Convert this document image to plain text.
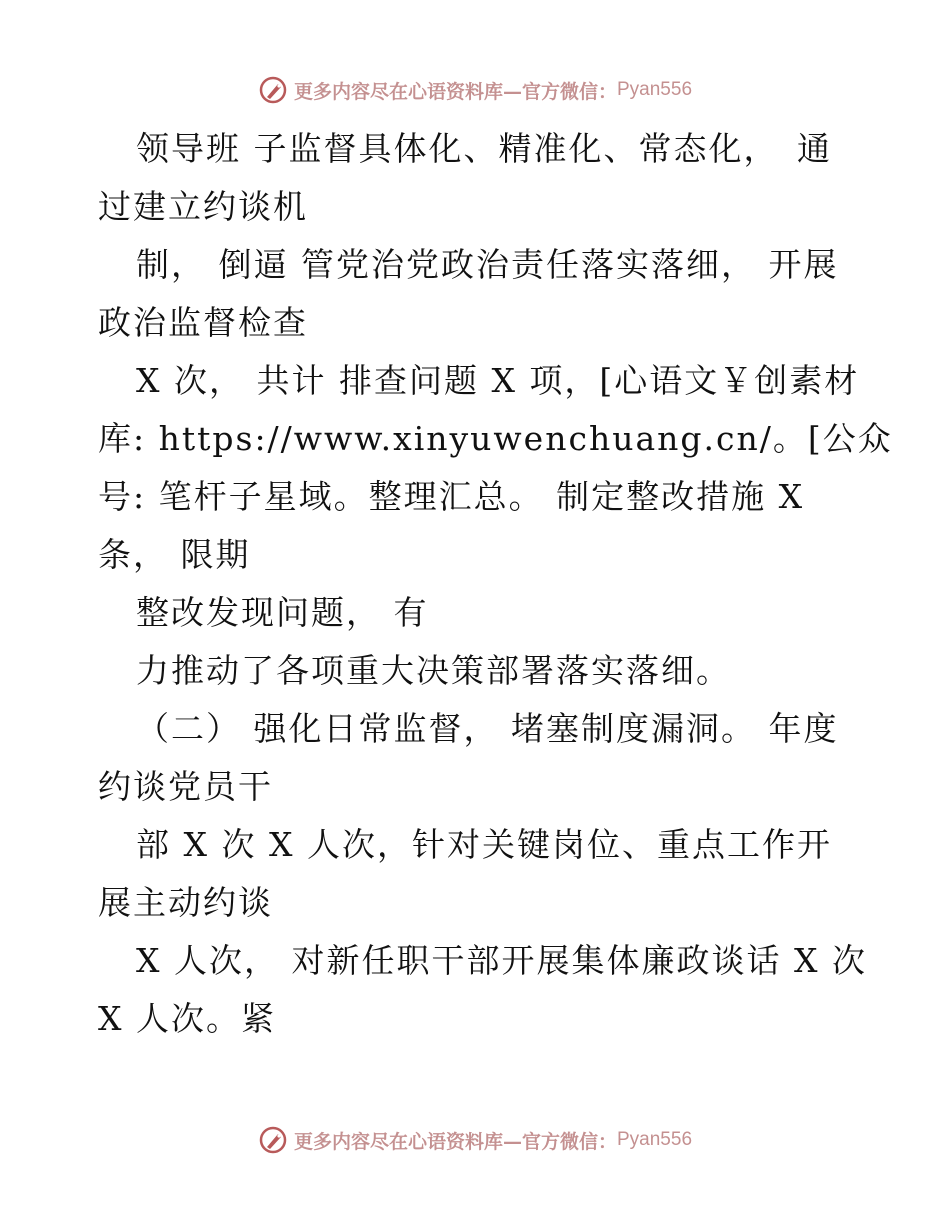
更多内容尽在心语资料库—官方微信： Pyan556
领导班 子监督具体化、精准化、常态化，　通
过建立约谈机
制， 倒逼 管党治党政治责任落实落细， 开展
政治监督检查
X 次， 共计 排查问题 X 项，[心语文￥创素材
库: https://www.xinyuwenchuang.cn/。[公众
号: 笔杆子星域。整理汇总。 制定整改措施 X
条， 限期
整改发现问题， 有
力推动了各项重大决策部署落实落细。
（二） 强化日常监督， 堵塞制度漏洞。 年度
约谈党员干
部 X 次 X 人次，针对关键岗位、重点工作开
展主动约谈
X 人次， 对新任职干部开展集体廉政谈话 X 次
X 人次。紧
更多内容尽在心语资料库—官方微信： Pyan556
